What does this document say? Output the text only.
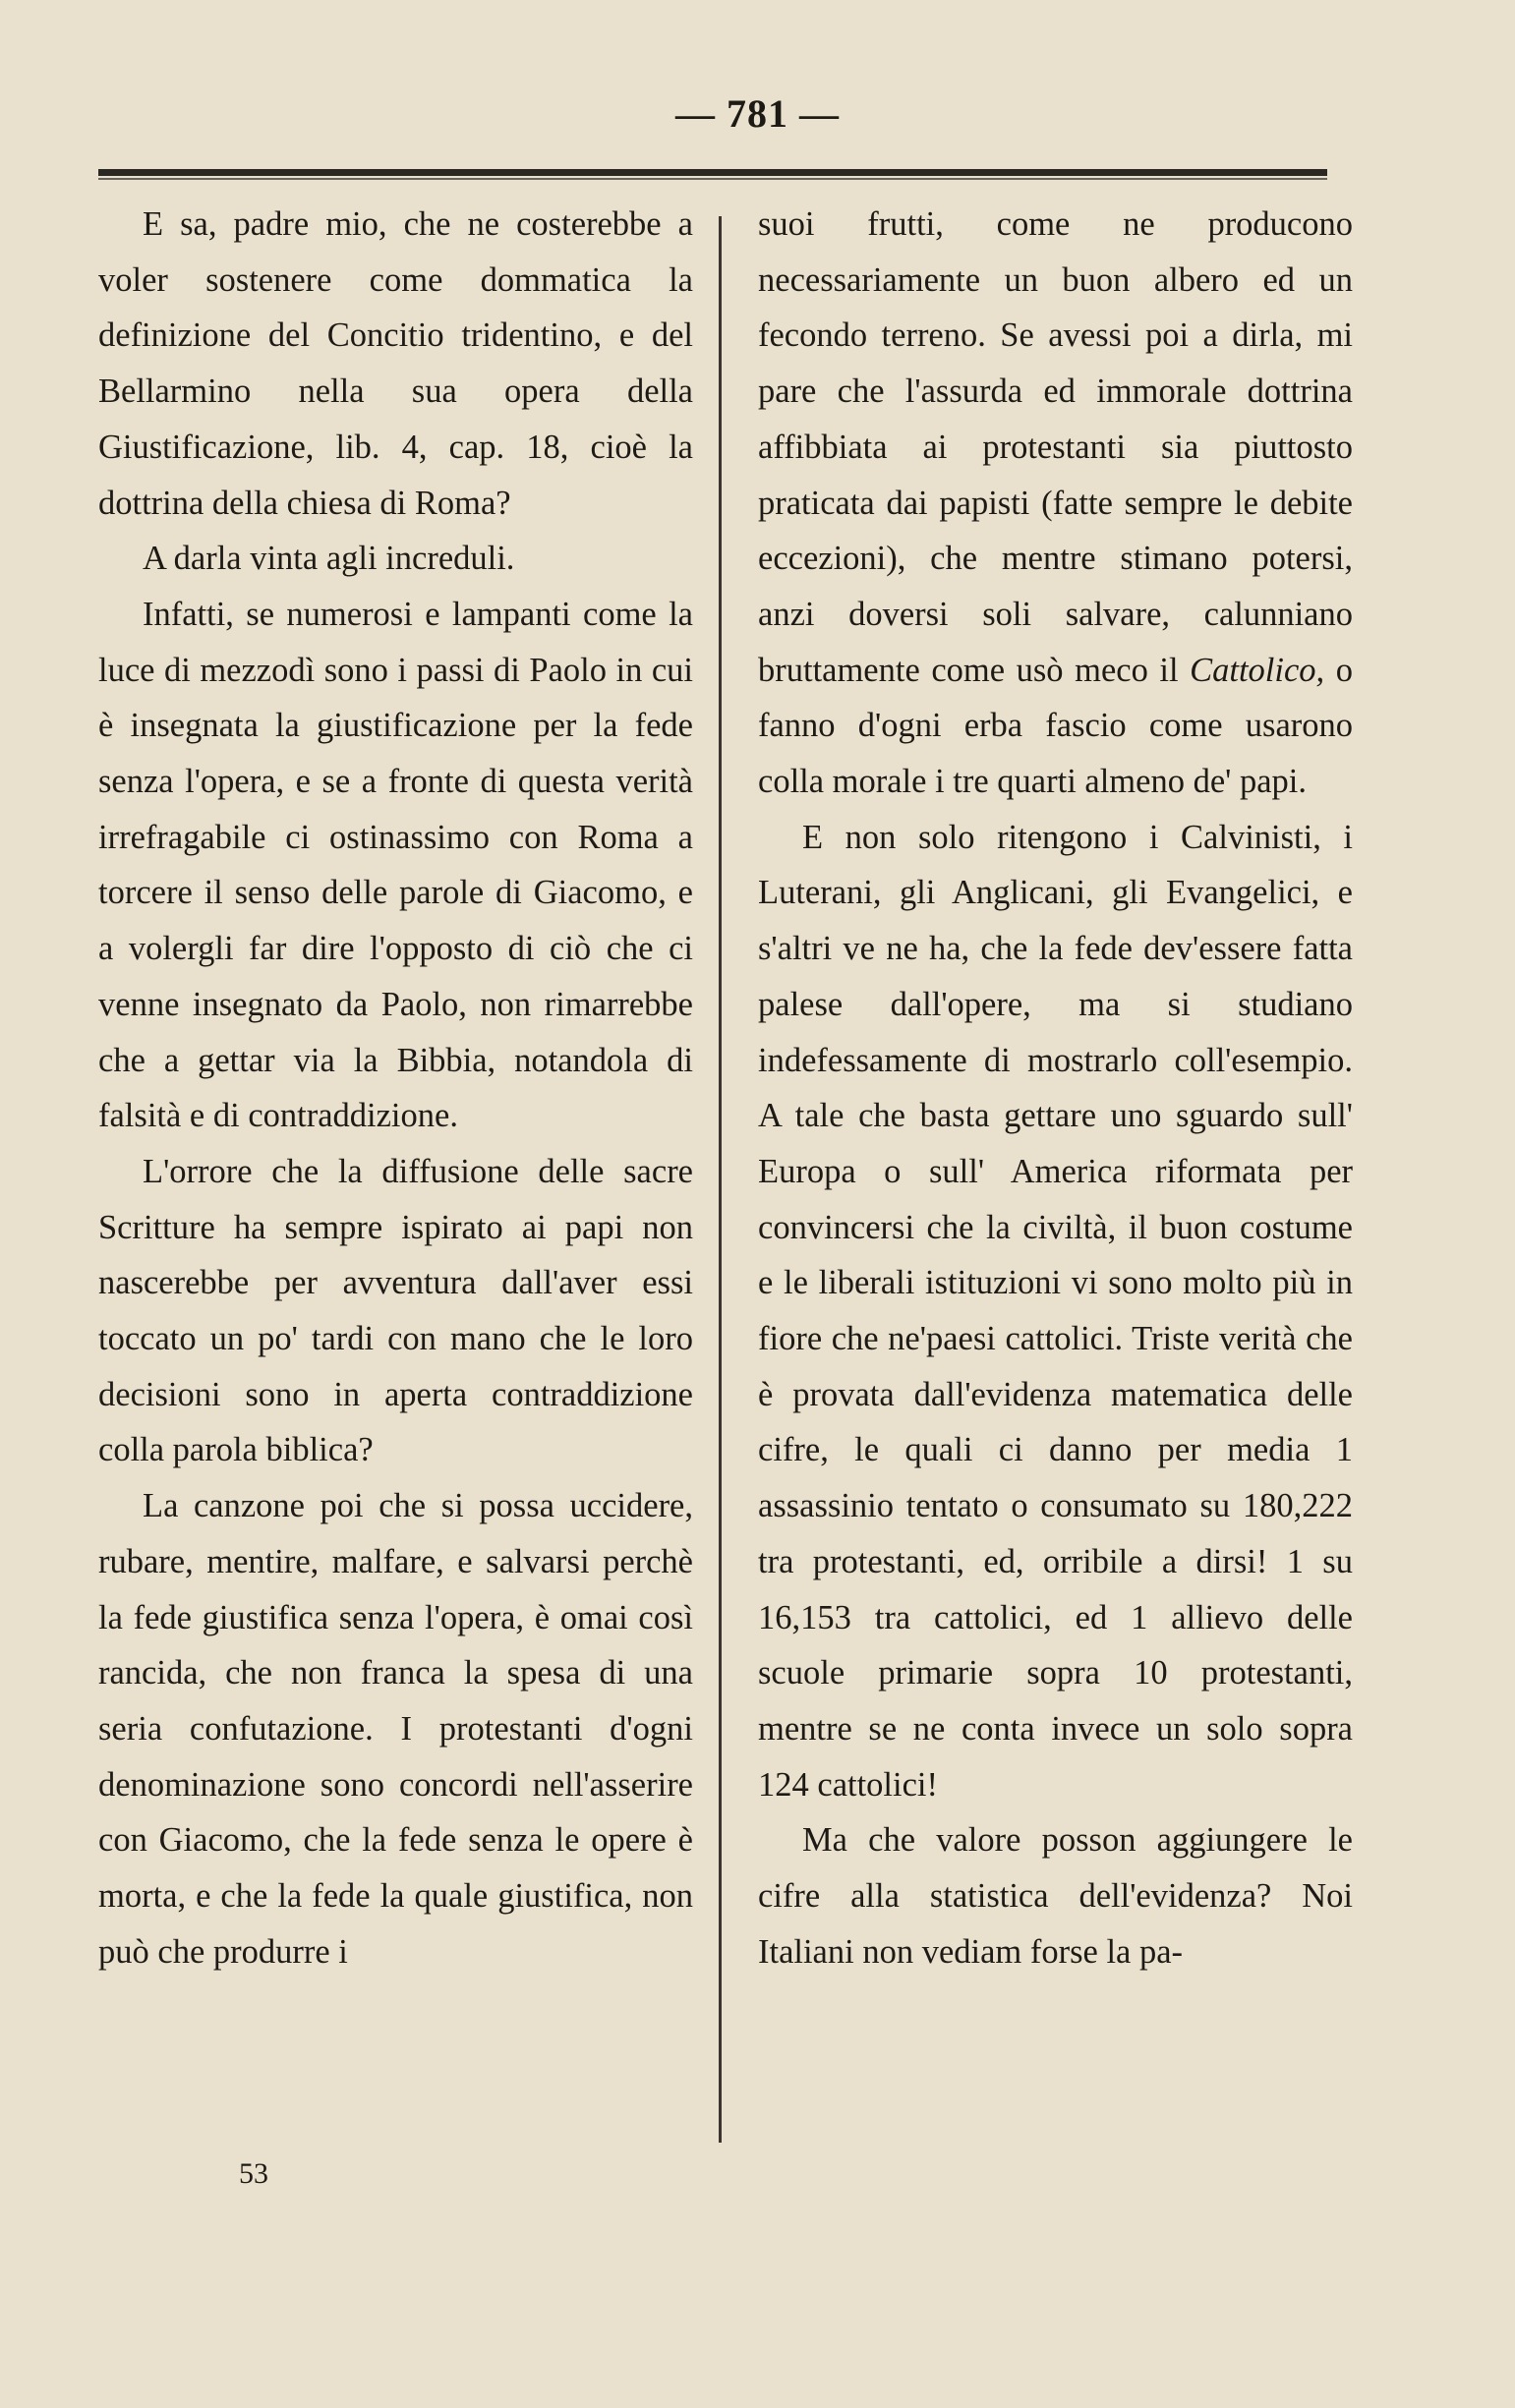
— 781 —

E sa, padre mio, che ne costerebbe a voler sostenere come dommatica la definizione del Concitio tridentino, e del Bellarmino nella sua opera della Giustificazione, lib. 4, cap. 18, cioè la dottrina della chiesa di Roma?

A darla vinta agli increduli.

Infatti, se numerosi e lampanti come la luce di mezzodì sono i passi di Paolo in cui è insegnata la giustificazione per la fede senza l'opera, e se a fronte di questa verità irrefragabile ci ostinassimo con Roma a torcere il senso delle parole di Giacomo, e a volergli far dire l'opposto di ciò che ci venne insegnato da Paolo, non rimarrebbe che a gettar via la Bibbia, notandola di falsità e di contraddizione.

L'orrore che la diffusione delle sacre Scritture ha sempre ispirato ai papi non nascerebbe per avventura dall'aver essi toccato un po' tardi con mano che le loro decisioni sono in aperta contraddizione colla parola biblica?

La canzone poi che si possa uccidere, rubare, mentire, malfare, e salvarsi perchè la fede giustifica senza l'opera, è omai così rancida, che non franca la spesa di una seria confutazione. I protestanti d'ogni denominazione sono concordi nell'asserire con Giacomo, che la fede senza le opere è morta, e che la fede la quale giustifica, non può che produrre i

suoi frutti, come ne producono necessariamente un buon albero ed un fecondo terreno. Se avessi poi a dirla, mi pare che l'assurda ed immorale dottrina affibbiata ai protestanti sia piuttosto praticata dai papisti (fatte sempre le debite eccezioni), che mentre stimano potersi, anzi doversi soli salvare, calunniano bruttamente come usò meco il Cattolico, o fanno d'ogni erba fascio come usarono colla morale i tre quarti almeno de' papi.

E non solo ritengono i Calvinisti, i Luterani, gli Anglicani, gli Evangelici, e s'altri ve ne ha, che la fede dev'essere fatta palese dall'opere, ma si studiano indefessamente di mostrarlo coll'esempio. A tale che basta gettare uno sguardo sull' Europa o sull' America riformata per convincersi che la civiltà, il buon costume e le liberali istituzioni vi sono molto più in fiore che ne'paesi cattolici. Triste verità che è provata dall'evidenza matematica delle cifre, le quali ci danno per media 1 assassinio tentato o consumato su 180,222 tra protestanti, ed, orribile a dirsi! 1 su 16,153 tra cattolici, ed 1 allievo delle scuole primarie sopra 10 protestanti, mentre se ne conta invece un solo sopra 124 cattolici!

Ma che valore posson aggiungere le cifre alla statistica dell'evidenza? Noi Italiani non vediam forse la pa-

53
